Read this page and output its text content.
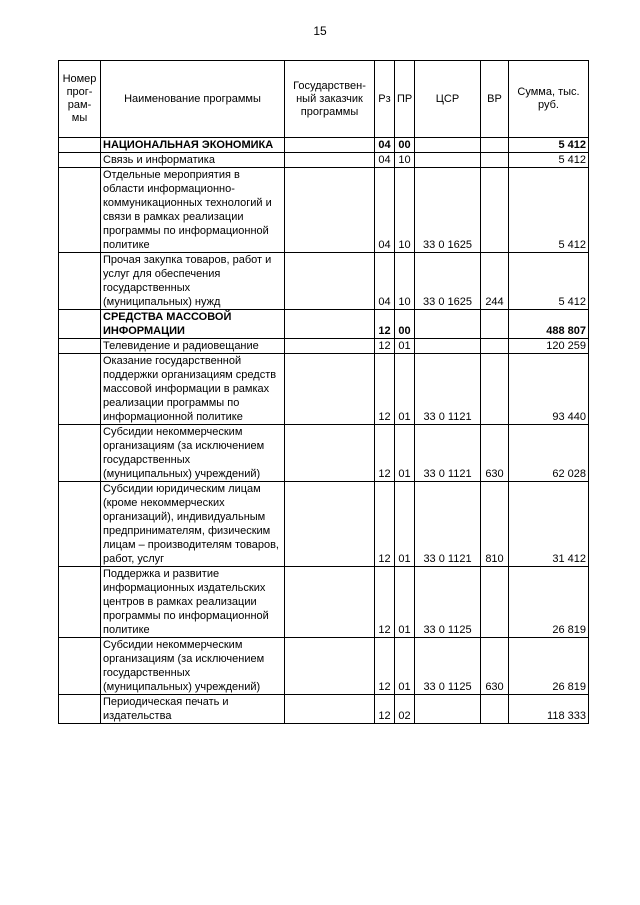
15
Номер прог-рам-мы	Наименование программы	Государствен-ный заказчик программы	Рз	ПР	ЦСР	ВР	Сумма, тыс. руб.
	НАЦИОНАЛЬНАЯ ЭКОНОМИКА		04	00			5 412
	Связь и информатика		04	10			5 412
	Отдельные мероприятия в области информационно-коммуникационных технологий и связи в рамках реализации программы по информационной политике		04	10	33 0 1625		5 412
	Прочая закупка товаров, работ и услуг для обеспечения государственных (муниципальных) нужд		04	10	33 0 1625	244	5 412
	СРЕДСТВА МАССОВОЙ ИНФОРМАЦИИ		12	00			488 807
	Телевидение и радиовещание		12	01			120 259
	Оказание государственной поддержки организациям средств массовой информации в рамках реализации программы по информационной политике		12	01	33 0 1121		93 440
	Субсидии некоммерческим организациям (за исключением государственных (муниципальных) учреждений)		12	01	33 0 1121	630	62 028
	Субсидии юридическим лицам (кроме некоммерческих организаций), индивидуальным предпринимателям, физическим лицам – производителям товаров, работ, услуг		12	01	33 0 1121	810	31 412
	Поддержка и развитие информационных издательских центров в рамках реализации программы по информационной политике		12	01	33 0 1125		26 819
	Субсидии некоммерческим организациям (за исключением государственных (муниципальных) учреждений)		12	01	33 0 1125	630	26 819
	Периодическая печать и издательства		12	02			118 333
